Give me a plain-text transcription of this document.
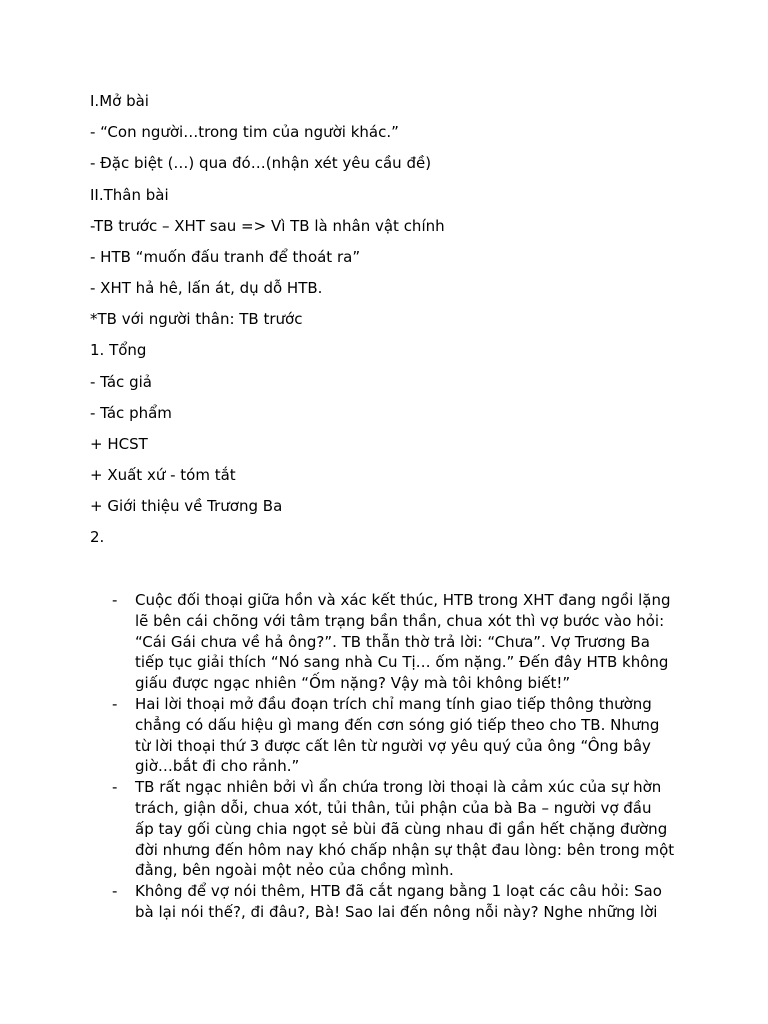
I.Mở bài
- “Con người…trong tim của người khác.”
- Đặc biệt (…) qua đó…(nhận xét yêu cầu đề)
II.Thân bài
-TB trước – XHT sau => Vì TB là nhân vật chính
- HTB “muốn đấu tranh để thoát ra”
- XHT hả hê, lấn át, dụ dỗ HTB.
*TB với người thân: TB trước
1. Tổng
- Tác giả
- Tác phẩm
+ HCST
+ Xuất xứ - tóm tắt
+ Giới thiệu về Trương Ba
2.
- Cuộc đối thoại giữa hồn và xác kết thúc, HTB trong XHT đang ngồi lặng
lẽ bên cái chõng với tâm trạng bần thần, chua xót thì vợ bước vào hỏi:
“Cái Gái chưa về hả ông?”. TB thẫn thờ trả lời: “Chưa”. Vợ Trương Ba
tiếp tục giải thích “Nó sang nhà Cu Tị… ốm nặng.” Đến đây HTB không
giấu được ngạc nhiên “Ốm nặng? Vậy mà tôi không biết!”
- Hai lời thoại mở đầu đoạn trích chỉ mang tính giao tiếp thông thường
chẳng có dấu hiệu gì mang đến cơn sóng gió tiếp theo cho TB. Nhưng
từ lời thoại thứ 3 được cất lên từ người vợ yêu quý của ông “Ông bây
giờ…bắt đi cho rảnh.”
- TB rất ngạc nhiên bởi vì ẩn chứa trong lời thoại là cảm xúc của sự hờn
trách, giận dỗi, chua xót, tủi thân, tủi phận của bà Ba – người vợ đầu
ấp tay gối cùng chia ngọt sẻ bùi đã cùng nhau đi gần hết chặng đường
đời nhưng đến hôm nay khó chấp nhận sự thật đau lòng: bên trong một
đằng, bên ngoài một nẻo của chồng mình.
- Không để vợ nói thêm, HTB đã cắt ngang bằng 1 loạt các câu hỏi: Sao
bà lại nói thế?, đi đâu?, Bà! Sao lai đến nông nỗi này? Nghe những lời
